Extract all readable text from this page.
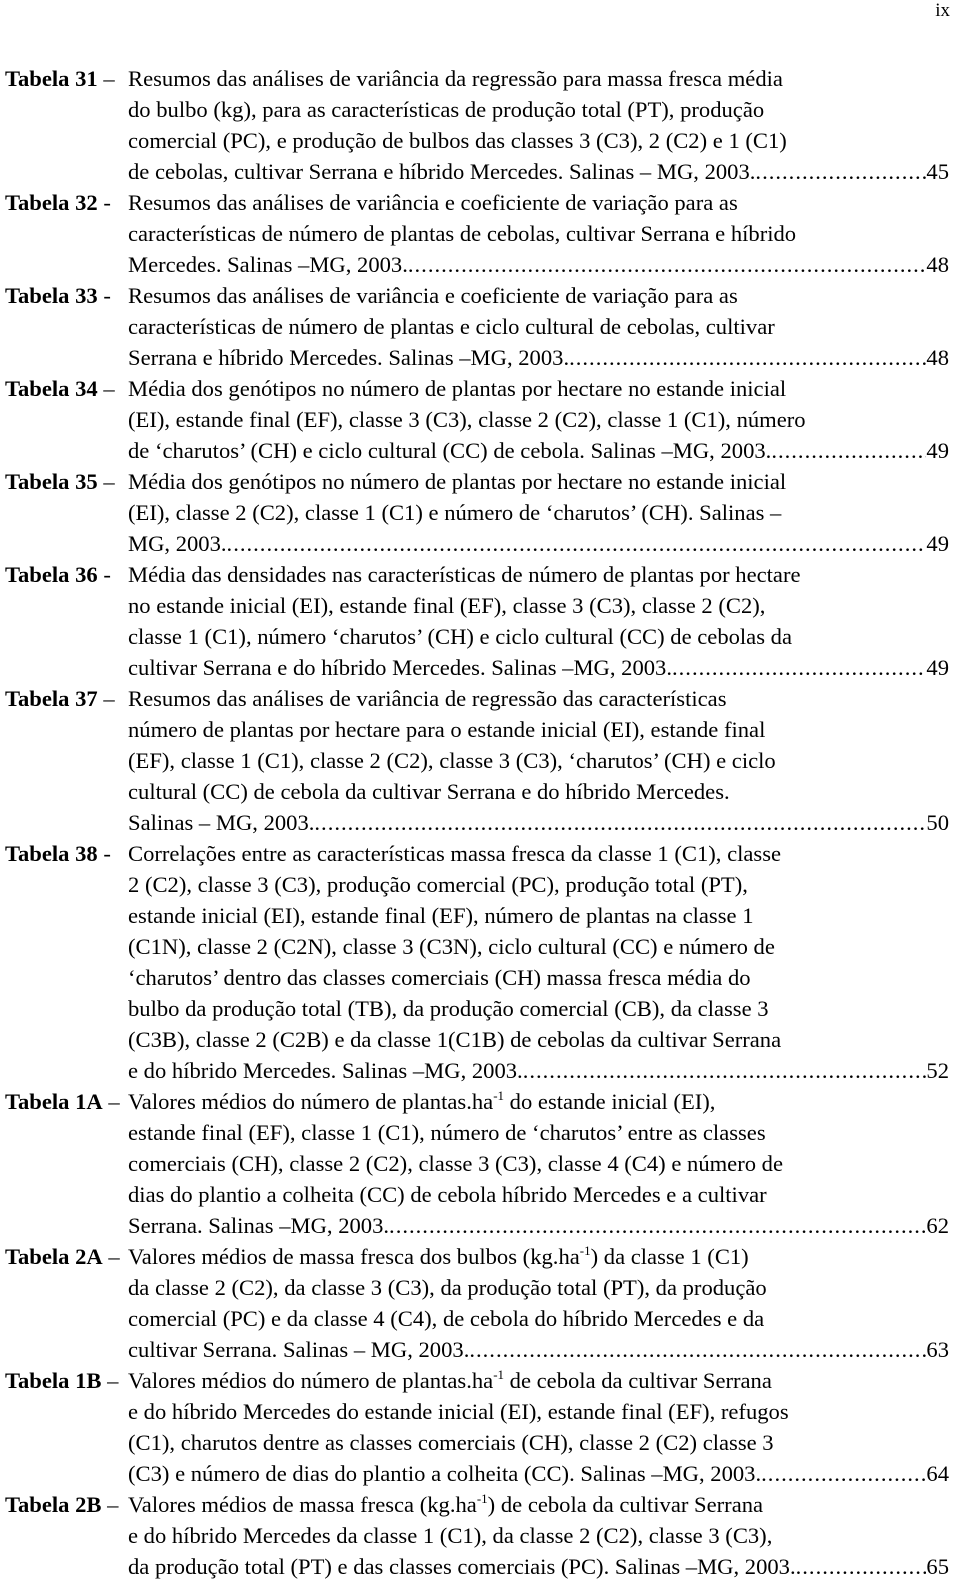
ix
Tabela 31 – Resumos das análises de variância da regressão para massa fresca média
do bulbo (kg), para as características de produção total (PT), produção
comercial (PC), e produção de bulbos das classes 3 (C3), 2 (C2) e 1 (C1)
de cebolas, cultivar Serrana e híbrido Mercedes. Salinas – MG, 2003. .....	45
Tabela 32 - Resumos das análises de variância e coeficiente de variação para as
características de número de plantas de cebolas, cultivar Serrana e híbrido
Mercedes. Salinas –MG, 2003. .....	48
Tabela 33 - Resumos das análises de variância e coeficiente de variação para as
características de número de plantas e ciclo cultural de cebolas, cultivar
Serrana e híbrido Mercedes. Salinas –MG, 2003. .....	48
Tabela 34 – Média dos genótipos no número de plantas por hectare no estande inicial
(EI), estande final (EF), classe 3 (C3), classe 2 (C2), classe 1 (C1), número
de ‘charutos’ (CH) e ciclo cultural (CC) de cebola. Salinas –MG, 2003. .....	49
Tabela 35 – Média dos genótipos no número de plantas por hectare no estande inicial
(EI), classe 2 (C2), classe 1 (C1) e número de ‘charutos’ (CH). Salinas –
MG, 2003. .....	49
Tabela 36 - Média das densidades nas características de número de plantas por hectare
no estande inicial (EI), estande final (EF), classe 3 (C3), classe 2 (C2),
classe 1 (C1), número ‘charutos’ (CH) e ciclo cultural (CC) de cebolas da
cultivar Serrana e do híbrido Mercedes. Salinas –MG, 2003. .....	49
Tabela 37 – Resumos das análises de variância de regressão das características
número de plantas por hectare para o estande inicial (EI), estande final
(EF), classe 1 (C1), classe 2 (C2), classe 3 (C3), ‘charutos’ (CH) e ciclo
cultural (CC) de cebola da cultivar Serrana e do híbrido Mercedes.
Salinas – MG, 2003. .....	50
Tabela 38 - Correlações entre as características massa fresca da classe 1 (C1), classe
2 (C2), classe 3 (C3), produção comercial (PC), produção total (PT),
estande inicial (EI), estande final (EF), número de plantas na classe 1
(C1N), classe 2 (C2N), classe 3 (C3N), ciclo cultural (CC) e número de
‘charutos’ dentro das classes comerciais (CH) massa fresca média do
bulbo da produção total (TB), da produção comercial (CB), da classe 3
(C3B), classe 2 (C2B) e da classe 1(C1B) de cebolas da cultivar Serrana
e do híbrido Mercedes. Salinas –MG, 2003. .....	52
Tabela 1A – Valores médios do número de $plantas.ha^{-1}$ do estande inicial (EI),
estande final (EF), classe 1 (C1), número de ‘charutos’ entre as classes
comerciais (CH), classe 2 (C2), classe 3 (C3), classe 4 (C4) e número de
dias do plantio a colheita (CC) de cebola híbrido Mercedes e a cultivar
Serrana. Salinas –MG, 2003. .....	62
Tabela 2A – Valores médios de massa fresca dos bulbos $(kg.ha^{-1})$ da classe 1 (C1)
da classe 2 (C2), da classe 3 (C3), da produção total (PT), da produção
comercial (PC) e da classe 4 (C4), de cebola do híbrido Mercedes e da
cultivar Serrana. Salinas – MG, 2003. .....	63
Tabela 1B – Valores médios do número de $plantas.ha^{-1}$ de cebola da cultivar Serrana
e do híbrido Mercedes do estande inicial (EI), estande final (EF), refugos
(C1), charutos dentre as classes comerciais (CH), classe 2 (C2) classe 3
(C3) e número de dias do plantio a colheita (CC). Salinas –MG, 2003. .....	64
Tabela 2B – Valores médios de massa fresca $(kg.ha^{-1})$ de cebola da cultivar Serrana
e do híbrido Mercedes da classe 1 (C1), da classe 2 (C2), classe 3 (C3),
da produção total (PT) e das classes comerciais (PC). Salinas –MG, 2003. .....	65
